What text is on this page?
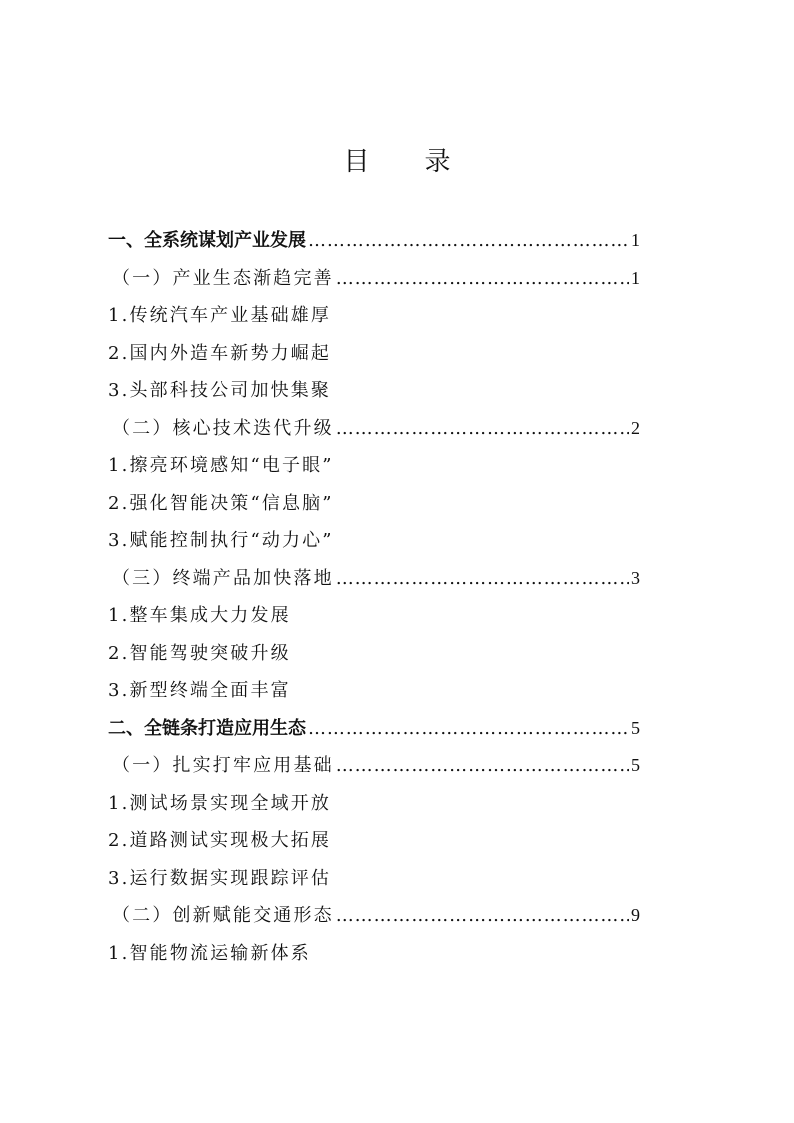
目 录
一、全系统谋划产业发展 ………………………………………………………………………………………………	1
（一）产业生态渐趋完善 ………………………………………………………………………………………………	1
1.传统汽车产业基础雄厚
2.国内外造车新势力崛起
3.头部科技公司加快集聚
（二）核心技术迭代升级 ………………………………………………………………………………………………	2
1.擦亮环境感知“电子眼”
2.强化智能决策“信息脑”
3.赋能控制执行“动力心”
（三）终端产品加快落地 ………………………………………………………………………………………………	3
1.整车集成大力发展
2.智能驾驶突破升级
3.新型终端全面丰富
二、全链条打造应用生态 ………………………………………………………………………………………………	5
（一）扎实打牢应用基础 ………………………………………………………………………………………………	5
1.测试场景实现全域开放
2.道路测试实现极大拓展
3.运行数据实现跟踪评估
（二）创新赋能交通形态 ………………………………………………………………………………………………	9
1.智能物流运输新体系
